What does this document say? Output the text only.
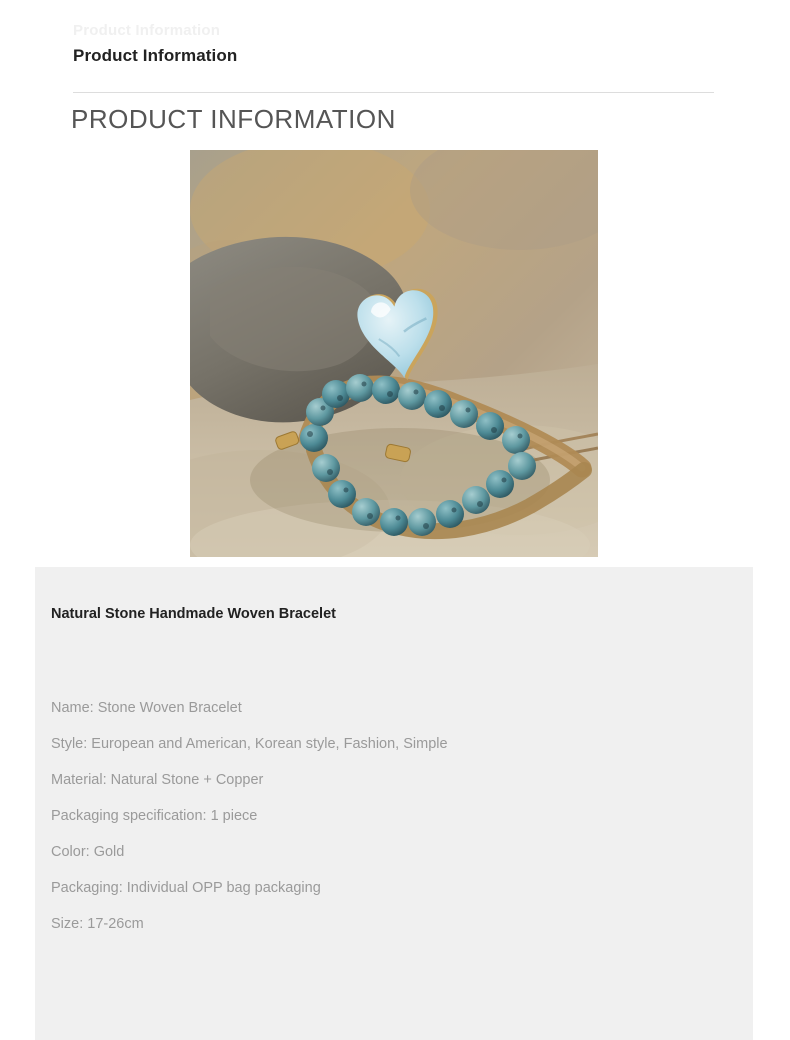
Product Information
Product Information
PRODUCT INFORMATION
Natural Stone Handmade Woven Bracelet
Name: Stone Woven Bracelet
Style: European and American, Korean style, Fashion, Simple
Material: Natural Stone + Copper
Packaging specification: 1 piece
Color: Gold
Packaging: Individual OPP bag packaging
Size: 17-26cm
